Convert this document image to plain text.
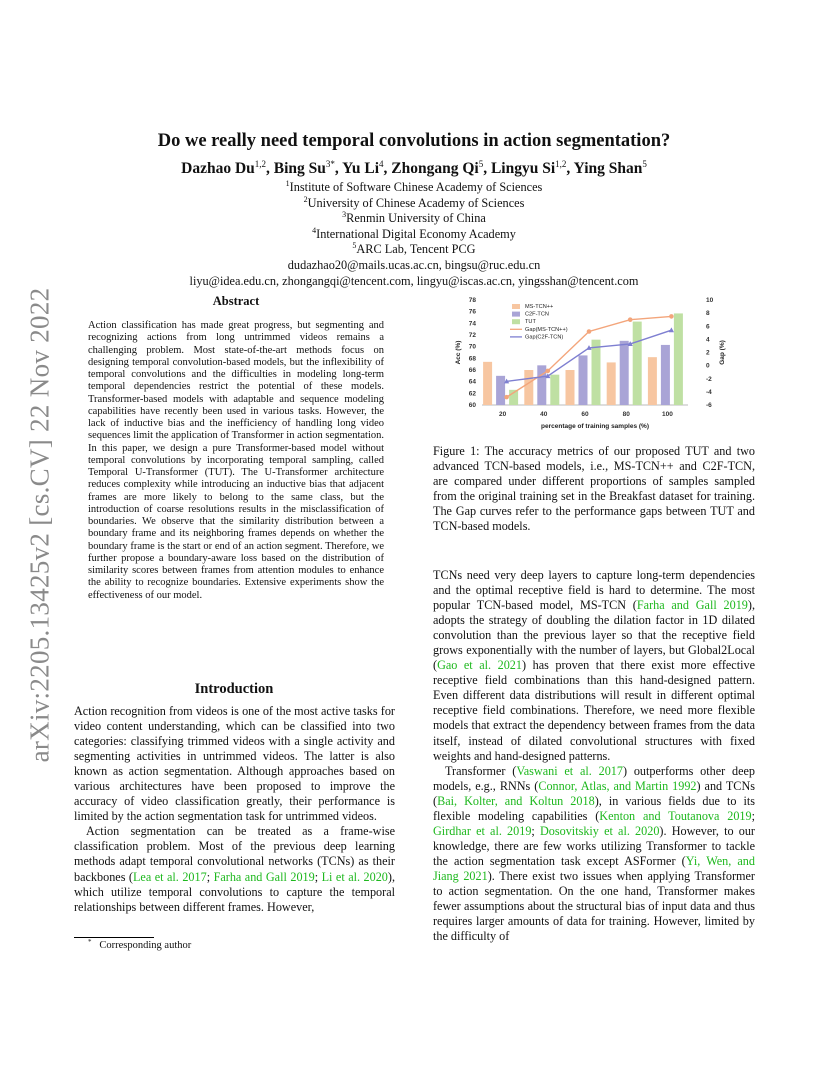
arXiv:2205.13425v2 [cs.CV] 22 Nov 2022
Do we really need temporal convolutions in action segmentation?
Dazhao Du$^{1,2}$, Bing $Su^{3*}$, Yu Li$^4$, Zhongang Qi$^5$, Lingyu Si$^{1,2}$, Ying Shan$^5$
$^1$Institute of Software Chinese Academy of Sciences
$^2$University of Chinese Academy of Sciences
$^3$Renmin University of China
$^4$International Digital Economy Academy
$^5$ARC Lab, Tencent PCG
dudazhao20@mails.ucas.ac.cn, bingsu@ruc.edu.cn
liyu@idea.edu.cn, zhongangqi@tencent.com, lingyu@iscas.ac.cn, yingsshan@tencent.com
Abstract
Action classification has made great progress, but segmenting and recognizing actions from long untrimmed videos remains a challenging problem. Most state-of-the-art methods focus on designing temporal convolution-based models, but the inflexibility of temporal convolutions and the difficulties in modeling long-term temporal dependencies restrict the potential of these models. Transformer-based models with adaptable and sequence modeling capabilities have recently been used in various tasks. However, the lack of inductive bias and the inefficiency of handling long video sequences limit the application of Transformer in action segmentation. In this paper, we design a pure Transformer-based model without temporal convolutions by incorporating temporal sampling, called Temporal U-Transformer (TUT). The U-Transformer architecture reduces complexity while introducing an inductive bias that adjacent frames are more likely to belong to the same class, but the introduction of coarse resolutions results in the misclassification of boundaries. We observe that the similarity distribution between a boundary frame and its neighboring frames depends on whether the boundary frame is the start or end of an action segment. Therefore, we further propose a boundary-aware loss based on the distribution of similarity scores between frames from attention modules to enhance the ability to recognize boundaries. Extensive experiments show the effectiveness of our model.
Introduction

Action recognition from videos is one of the most active tasks for video content understanding, which can be classified into two categories: classifying trimmed videos with a single activity and segmenting activities in untrimmed videos. The latter is also known as action segmentation. Although approaches based on various architectures have been proposed to improve the accuracy of video classification greatly, their performance is limited by the action segmentation task for untrimmed videos.

Action segmentation can be treated as a frame-wise classification problem. Most of the previous deep learning methods adapt temporal convolutional networks (TCNs) as their backbones (Lea et al. 2017; Farha and Gall 2019; Li et al. 2020), which utilize temporal convolutions to capture the temporal relationships between different frames. However,

TCNs need very deep layers to capture long-term dependencies and the optimal receptive field is hard to determine. The most popular TCN-based model, MS-TCN (Farha and Gall 2019), adopts the strategy of doubling the dilation factor in 1D dilated convolution than the previous layer so that the receptive field grows exponentially with the number of layers, but Global2Local (Gao et al. 2021) has proven that there exist more effective receptive field combinations than this hand-designed pattern. Even different data distributions will result in different optimal receptive field combinations. Therefore, we need more flexible models that extract the dependency between frames from the data itself, instead of dilated convolutional structures with fixed weights and hand-designed patterns.

Transformer (Vaswani et al. 2017) outperforms other deep models, e.g., RNNs (Connor, Atlas, and Martin 1992) and TCNs (Bai, Kolter, and Koltun 2018), in various fields due to its flexible modeling capabilities (Kenton and Toutanova 2019; Girdhar et al. 2019; Dosovitskiy et al. 2020). However, to our knowledge, there are few works utilizing Transformer to tackle the action segmentation task except ASFormer (Yi, Wen, and Jiang 2021). There exist two issues when applying Transformer to action segmentation. On the one hand, Transformer makes fewer assumptions about the structural bias of input data and thus requires larger amounts of data for training. However, limited by the difficulty of

* Corresponding author
60
62
64
66
68
70
72
74
76
78
-6
-4
-2
0
2
4
6
8
10
20	40	60	80	100
percentage of training samples (%)
Acc (%)	Gap (%)
MS-TCN++
C2F-TCN
TUT
Gap(MS-TCN++)
Gap(C2F-TCN)
Figure 1: The accuracy metrics of our proposed TUT and two advanced TCN-based models, i.e., MS-TCN++ and C2F-TCN, are compared under different proportions of samples sampled from the original training set in the Breakfast dataset for training. The Gap curves refer to the performance gaps between TUT and TCN-based models.
